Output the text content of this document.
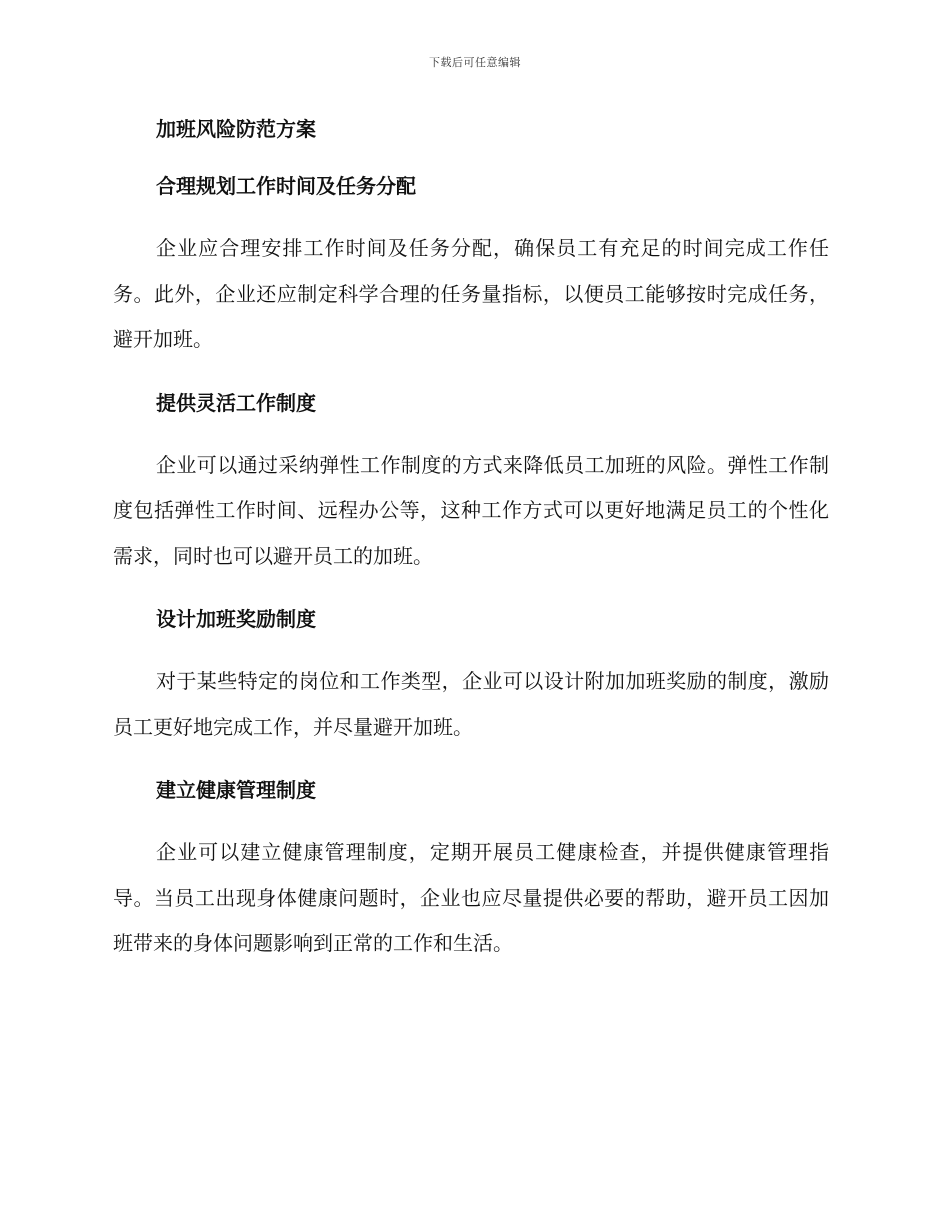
下载后可任意编辑
加班风险防范方案
合理规划工作时间及任务分配

企业应合理安排工作时间及任务分配，确保员工有充足的时间完成工作任务。此外，企业还应制定科学合理的任务量指标，以便员工能够按时完成任务，避开加班。

提供灵活工作制度

企业可以通过采纳弹性工作制度的方式来降低员工加班的风险。弹性工作制度包括弹性工作时间、远程办公等，这种工作方式可以更好地满足员工的个性化需求，同时也可以避开员工的加班。

设计加班奖励制度

对于某些特定的岗位和工作类型，企业可以设计附加加班奖励的制度，激励员工更好地完成工作，并尽量避开加班。

建立健康管理制度

企业可以建立健康管理制度，定期开展员工健康检查，并提供健康管理指导。当员工出现身体健康问题时，企业也应尽量提供必要的帮助，避开员工因加班带来的身体问题影响到正常的工作和生活。
